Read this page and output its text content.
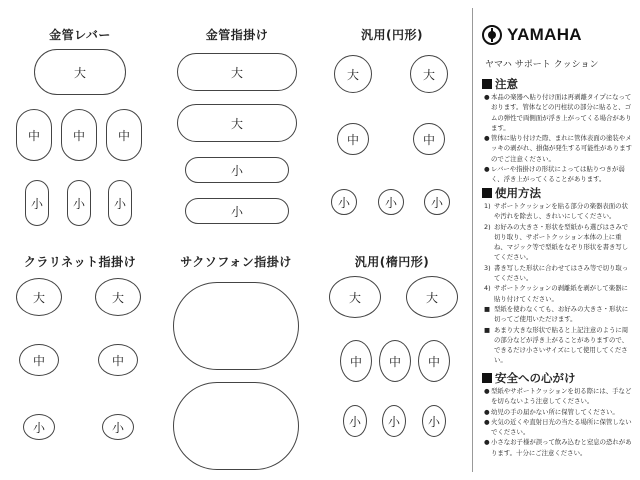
金管レバー
大
中	中	中
小 小 小
金管指掛け
大
大
小
小
汎用(円形)
大	大
中	中
小	小	小
クラリネット指掛け
大	大
中	中
小	小
サクソフォン指掛け	汎用(楕円形)
大	大
中 中 中
小 小 小
YAMAHA
ヤマハ サポート クッション
注意

● 本品の楽器へ貼り付け面は再剥離タイプになっております。管体などの円柱状の部分に貼ると、ゴムの弾性で両側面が浮き上がってくる場合があります。

● 管体に貼り付けた際、まれに管体表面の塗装やメッキの剥がれ、損傷が発生する可能性がありますのでご注意ください。

● レバーや指掛けの形状によっては貼りつきが弱く、浮き上がってくることがあります。

使用方法

1) サポートクッションを貼る部分の楽器表面の状や汚れを除去し、きれいにしてください。

2) お好みの大きさ・形状を型紙から選びはさみで切り取り、サポートクッション本体の上に重ね、マジック等で型紙をなぞり形状を書き写してください。

3) 書き写した形状に合わせてはさみ等で切り取ってください。

4) サポートクッションの剥離紙を剥がして楽器に貼り付けてください。

■ 型紙を使わなくても、お好みの大きさ・形状に切ってご使用いただけます。

■ あまり大きな形状で貼ると上記注意のように周の部分などが浮き上がることがありますので、できるだけ小さいサイズにして使用してください。

安全への心がけ

● 型紙やサポートクッションを切る際には、手などを切らないよう注意してください。

● 幼児の手の届かない所に保管してください。

● 火気の近くや直射日光の当たる場所に保管しないでください。

● 小さなお子様が誤って飲み込むと窒息の恐れがあります。十分にご注意ください。
